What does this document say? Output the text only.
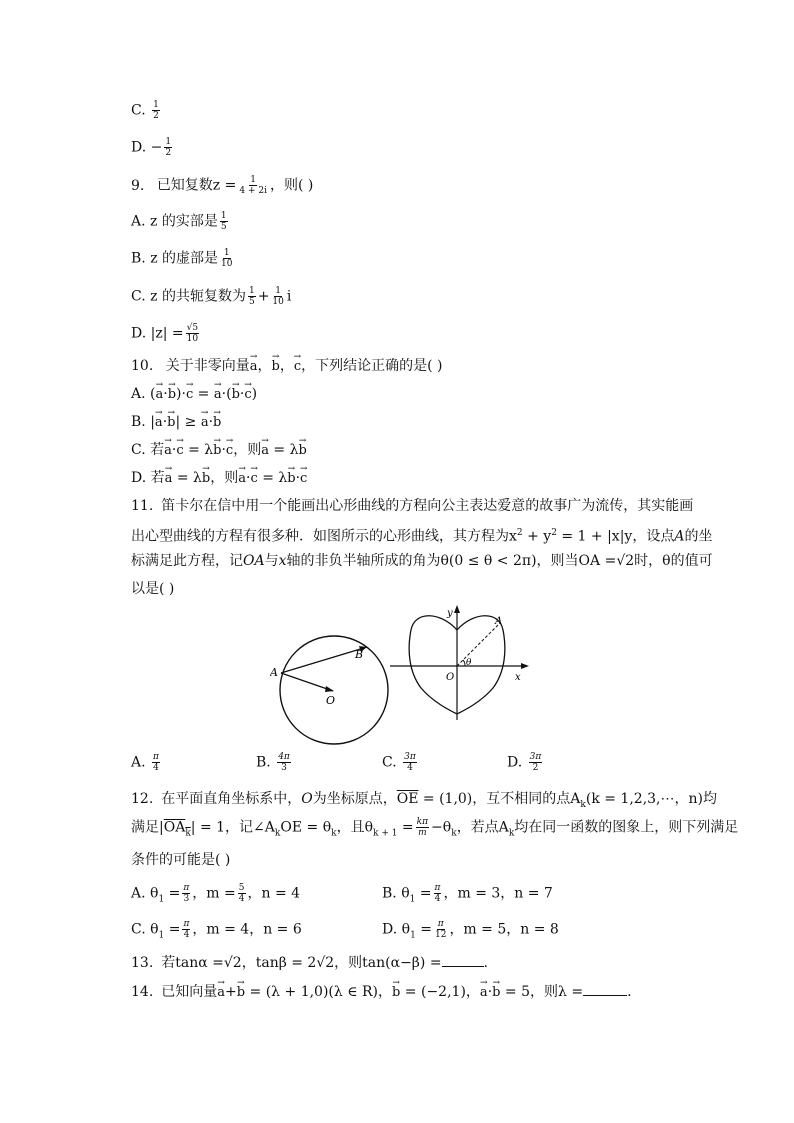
C. $\frac{1}{2}$
D. − $\frac{1}{2}$
9. 已知复数$z = \frac{1}{4 + 2i}$ ，则( )
A. z 的实部是 $\frac{1}{5}$
B. z 的虚部是 $\frac{1}{10}$
C. z 的共轭复数为 $\frac{1}{5} + \frac{1}{10}$ i
D. $|z| = \frac{√5}{10}$
10. 关于非零向量→ a，→ b，→ c，下列结论正确的是( )
A. (→ a·→ b)·→ c = → a·(→ b·→ c)
B. |→ a·→ b| ≥ → a·→ b
C. 若→ a·→ c = λ→ b·→ c，则→ a = λ→ b
D. 若→ a = λ→ b，则→ a·→ c = λ→ b·→ c
11. 笛卡尔在信中用一个能画出心形曲线的方程向公主表达爱意的故事广为流传，其实能画
出心型曲线的方程有很多种．如图所示的心形曲线，其方程为$x^2 + y^2 = 1 + |x|y$，设点A的坐
标满足此方程，记OA与x轴的非负半轴所成的角为θ(0 ≤ θ < 2π)，则当OA =√2时，θ的值可
以是( )
A
B
O
y
x
O
A
θ
A. $\frac{\pi}{4}$	B. $\frac{4\pi}{3}$	C. $\frac{3\pi}{4}$	D. $\frac{3\pi}{2}$
12. 在平面直角坐标系中，O为坐标原点，$\overline{OE} = (1,0)$，互不相同的点$A_k(k$ = 1,2,3,⋯，n)均
满足$|\overline{OA}_{\overline{k}}| = 1$，记$\angle A_kOE = \theta_k$，且$\theta_{k + 1} = \frac{k\pi}{m} -\theta_k$，若点$A_k$均在同一函数的图象上，则下列满足
条件的可能是( )
A. $\theta_1 = \frac{\pi}{3}$ ，$m = \frac{5}{4}$ ，n = 4	B. $\theta_1 = \frac{\pi}{4}$ ，m = 3，n = 7
C. $\theta_1 = \frac{\pi}{4}$ ，m = 4，n = 6	D. $\theta_1 = \frac{\pi}{12}$ ，m = 5，n = 8
13. 若tanα =√2，tanβ = 2√2，则tan(α−β) =	.
14. 已知向量→ a+→ b = (λ + 1,0)(λ ∈ R)，→ b = (−2,1)，→ a·→ b = 5，则λ =	.
